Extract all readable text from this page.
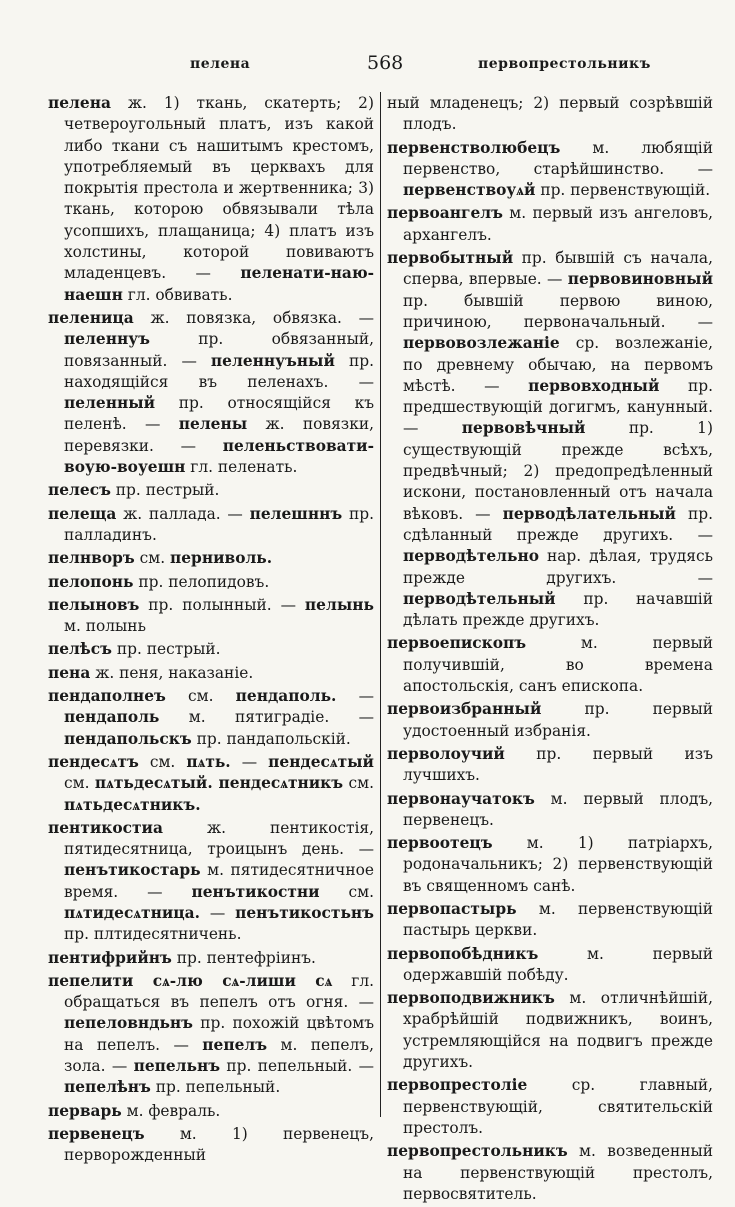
пелена	568	первопрестольникъ

пелена ж. 1) ткань, скатерть; 2) четвероугольный платъ, изъ какой либо ткани съ нашитымъ крестомъ, употребляемый въ церквахъ для покрытія престола и жертвенника; 3) ткань, которою обвязывали тѣла усопшихъ, плащаница; 4) платъ изъ холстины, которой повиваютъ младенцевъ. — пеленати-наю-наешн гл. обвивать.

пеленица ж. повязка, обвязка. — пеленнуъ	пр. обвязанный, повязанный. — пеленнуъный пр. находящійся въ пеленахъ. — пеленный пр. относящійся къ пеленѣ. — пелены ж. повязки, перевязки. — пеленьствовати-воую-воуешн гл. пеленать.

пелесъ пр. пестрый.

пелеща ж. паллада. — пелешннъ пр. палладинъ.

пелнворъ см. перниволь.

пелопонь пр. пелопидовъ.

пелыновъ пр. полынный. — пелынь м. полынь

пелѣсъ пр. пестрый.

пена ж. пеня, наказаніе.

пендаполнеъ см. пендаполь. — пендаполь м. пятиградіе. — пендапольскъ пр. пандапольскій.

пендесѧтъ см. пѧть. — пендесѧтый см. пѧтьдесѧтый. пендесѧтникъ см. пѧтьдесѧтникъ.

пентикостиа	ж. пентикостія, пятидесятница, троицынъ день. — пенътикостарь м. пятидесятничное время. — пенътикостни см. пѧтидесѧтница. — пенътикостьнъ пр. плтидесятничень.

пентифрийнъ пр. пентефріинъ.

пепелити сѧ-лю сѧ-лиши сѧ гл. обращаться въ пепелъ отъ огня. — пепеловндьнъ пр. похожій цвѣтомъ на пепелъ. — пепелъ м. пепелъ, зола. — пепельнъ пр. пепельный. — пепелѣнъ пр. пепельный.

перварь м. февраль.

первенецъ м. 1) первенецъ, перворожденный

ный младенецъ; 2) первый созрѣвшій плодъ.

первенстволюбецъ м. любящій первенство, старѣйшинство. — первенствоуѧй пр. первенствующій.

первоангелъ м. первый изъ ангеловъ, архангелъ.

первобытный пр. бывшій съ начала, сперва, впервые. — первовиновный пр. бывшій первою виною, причиною, первоначальный. — первовозлежаніе ср. возлежаніе, по древнему обычаю, на первомъ мѣстѣ. — первовходный пр. предшествующій догигмъ, канунный. —	первовѣчный	пр. 1) существующій прежде всѣхъ, предвѣчный; 2) предопредѣленный искони, постановленный отъ начала вѣковъ. — перводѣлательный пр. сдѣланный прежде другихъ. — перводѣтельно нар. дѣлая, трудясь прежде другихъ. — перводѣтельный пр. начавшій дѣлать прежде другихъ.

первоепископъ	м. первый получившій, во времена апостольскія, санъ епископа.

первоизбранный	пр. первый удостоенный избранія.

перволоучий пр. первый изъ лучшихъ.

первонаучатокъ м. первый плодъ, первенецъ.

первоотецъ м. 1) патріархъ, родоначальникъ; 2) первенствующій въ священномъ санѣ.

первопастырь м. первенствующій пастырь церкви.

первопобѣдникъ	м. первый одержавшій побѣду.

первоподвижникъ м. отличнѣйшій, храбрѣйшій подвижникъ, воинъ, устремляющійся на подвигъ прежде другихъ.

первопрестоліе	ср. главный, первенствующій, святительскій престолъ.

первопрестольникъ м. возведенный на первенствующій престолъ, первосвятитель.
